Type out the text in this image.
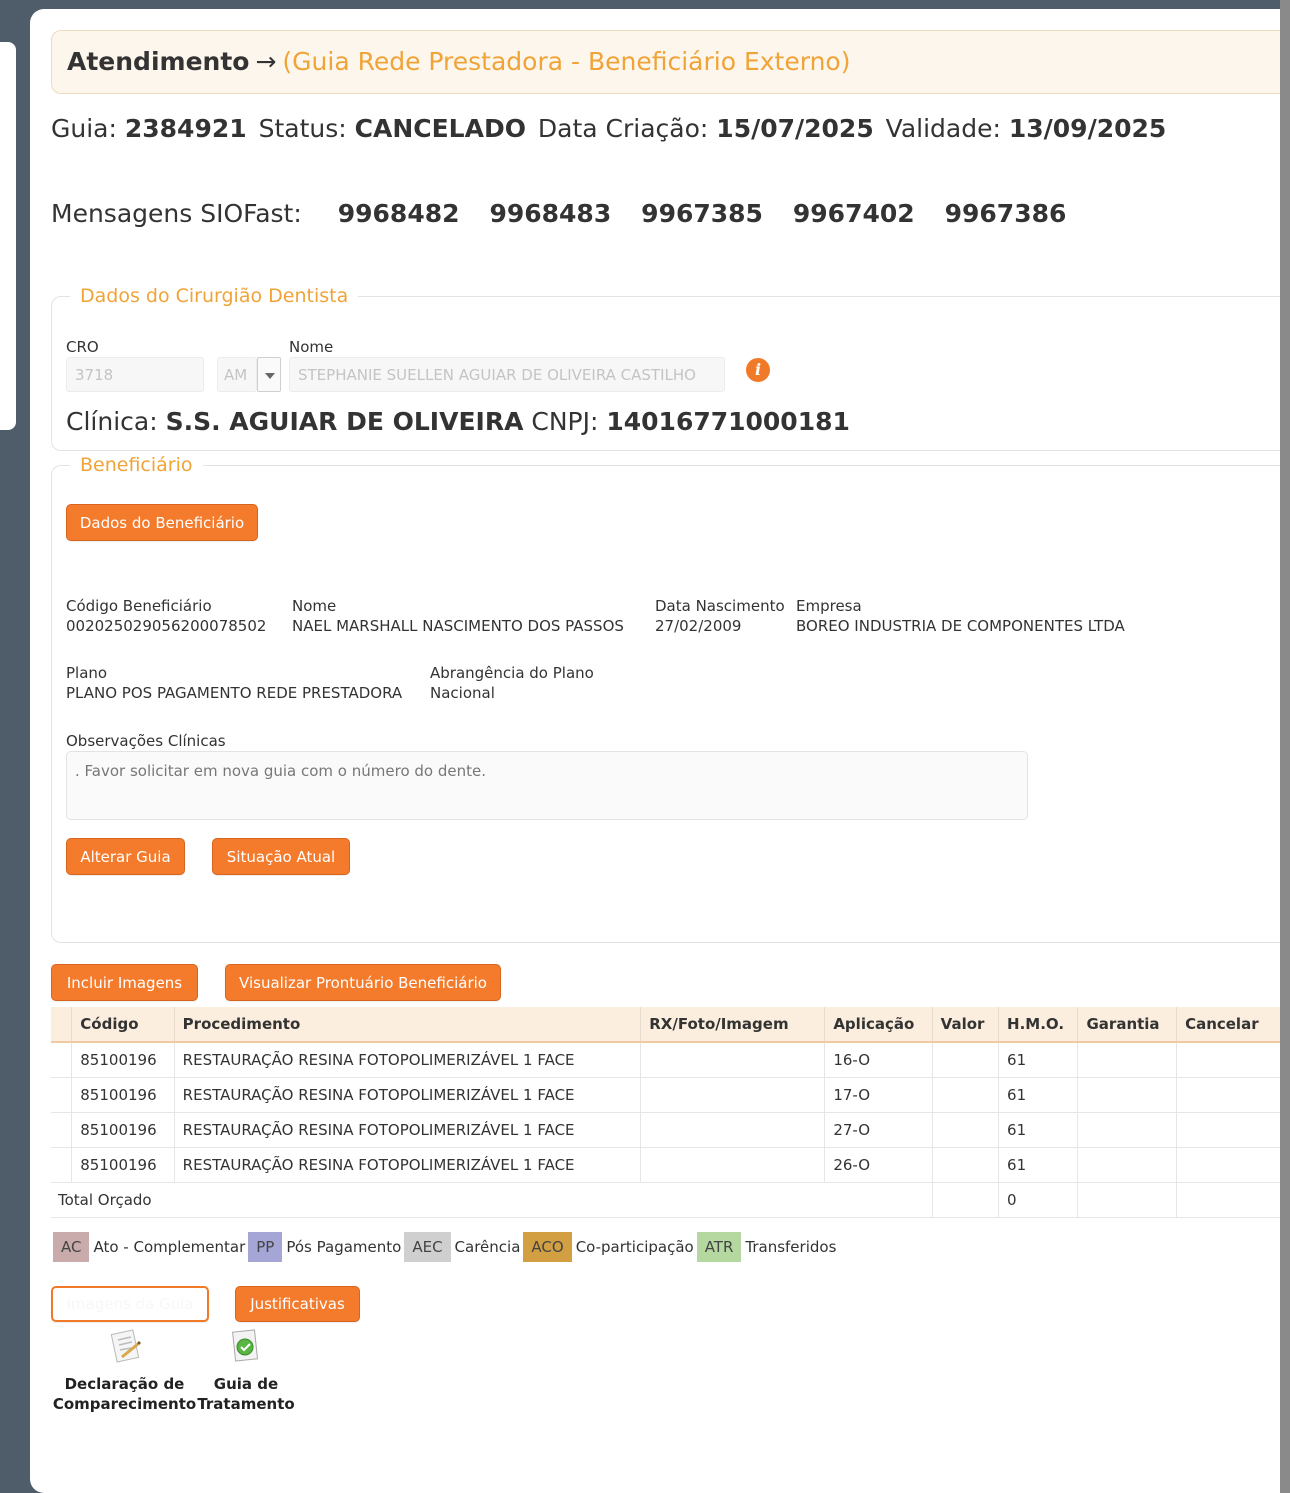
Atendimento → (Guia Rede Prestadora - Beneficiário Externo)
Guia: 2384921 Status: CANCELADO Data Criação: 15/07/2025 Validade: 13/09/2025
Mensagens SIOFast: 9968482 9968483 9967385 9967402 9967386
Dados do Cirurgião Dentista
CRO
3718
AM	Nome
STEPHANIE SUELLEN AGUIAR DE OLIVEIRA CASTILHO
i
Clínica: S.S. AGUIAR DE OLIVEIRA CNPJ: 14016771000181
Beneficiário
Dados do Beneficiário
Código Beneficiário
00202502905620007850​2
Nome
NAEL MARSHALL NASCIMENTO DOS PASSOS
Data Nascimento
27/02/2009
Empresa
BOREO INDUSTRIA DE COMPONENTES LTDA
Plano
PLANO POS PAGAMENTO REDE PRESTADORA
Abrangência do Plano
Nacional
Observações Clínicas
. Favor solicitar em nova guia com o número do dente.
Alterar Guia	Situação Atual
Incluir Imagens	Visualizar Prontuário Beneficiário
	Código	Procedimento	RX/Foto/Imagem	Aplicação	Valor	H.M.O.	Garantia	Cancelar
	85100196	RESTAURAÇÃO RESINA FOTOPOLIMERIZÁVEL 1 FACE		16-O		61		
	85100196	RESTAURAÇÃO RESINA FOTOPOLIMERIZÁVEL 1 FACE		17-O		61		
	85100196	RESTAURAÇÃO RESINA FOTOPOLIMERIZÁVEL 1 FACE		27-O		61		
	85100196	RESTAURAÇÃO RESINA FOTOPOLIMERIZÁVEL 1 FACE		26-O		61		
Total Orçado						0		
AC Ato - Complementar PP Pós Pagamento AEC Carência ACO Co-participação ATR Transferidos
Imagens da Guia	Justificativas
Declaração de
Comparecimento
Guia de
Tratamento
